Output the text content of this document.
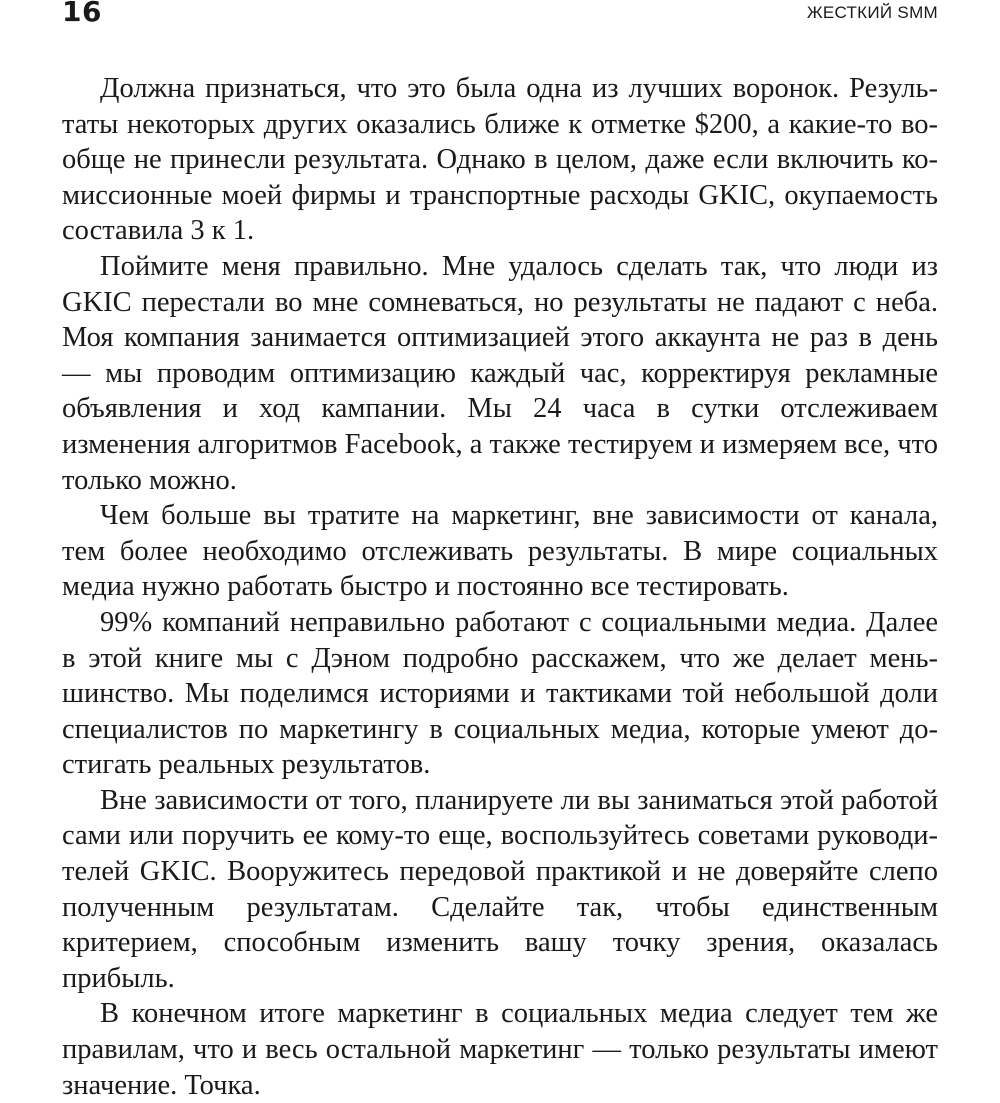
16	ЖЕСТКИЙ SMM

Должна признаться, что это была одна из лучших воронок. Результаты некоторых других оказались ближе к отметке $200, а какие-то вообще не принесли результата. Однако в целом, даже если включить комиссионные моей фирмы и транспортные расходы GKIC, окупаемость составила 3 к 1.

Поймите меня правильно. Мне удалось сделать так, что люди из GKIC перестали во мне сомневаться, но результаты не падают с неба. Моя компания занимается оптимизацией этого аккаунта не раз в день — мы проводим оптимизацию каждый час, корректируя рекламные объявления и ход кампании. Мы 24 часа в сутки отслеживаем изменения алгоритмов Facebook, а также тестируем и измеряем все, что только можно.

Чем больше вы тратите на маркетинг, вне зависимости от канала, тем более необходимо отслеживать результаты. В мире социальных медиа нужно работать быстро и постоянно все тестировать.

99% компаний неправильно работают с социальными медиа. Далее в этой книге мы с Дэном подробно расскажем, что же делает меньшинство. Мы поделимся историями и тактиками той небольшой доли специалистов по маркетингу в социальных медиа, которые умеют достигать реальных результатов.

Вне зависимости от того, планируете ли вы заниматься этой работой сами или поручить ее кому-то еще, воспользуйтесь советами руководителей GKIC. Вооружитесь передовой практикой и не доверяйте слепо полученным результатам. Сделайте так, чтобы единственным критерием, способным изменить вашу точку зрения, оказалась прибыль.

В конечном итоге маркетинг в социальных медиа следует тем же правилам, что и весь остальной маркетинг — только результаты имеют значение. Точка.
